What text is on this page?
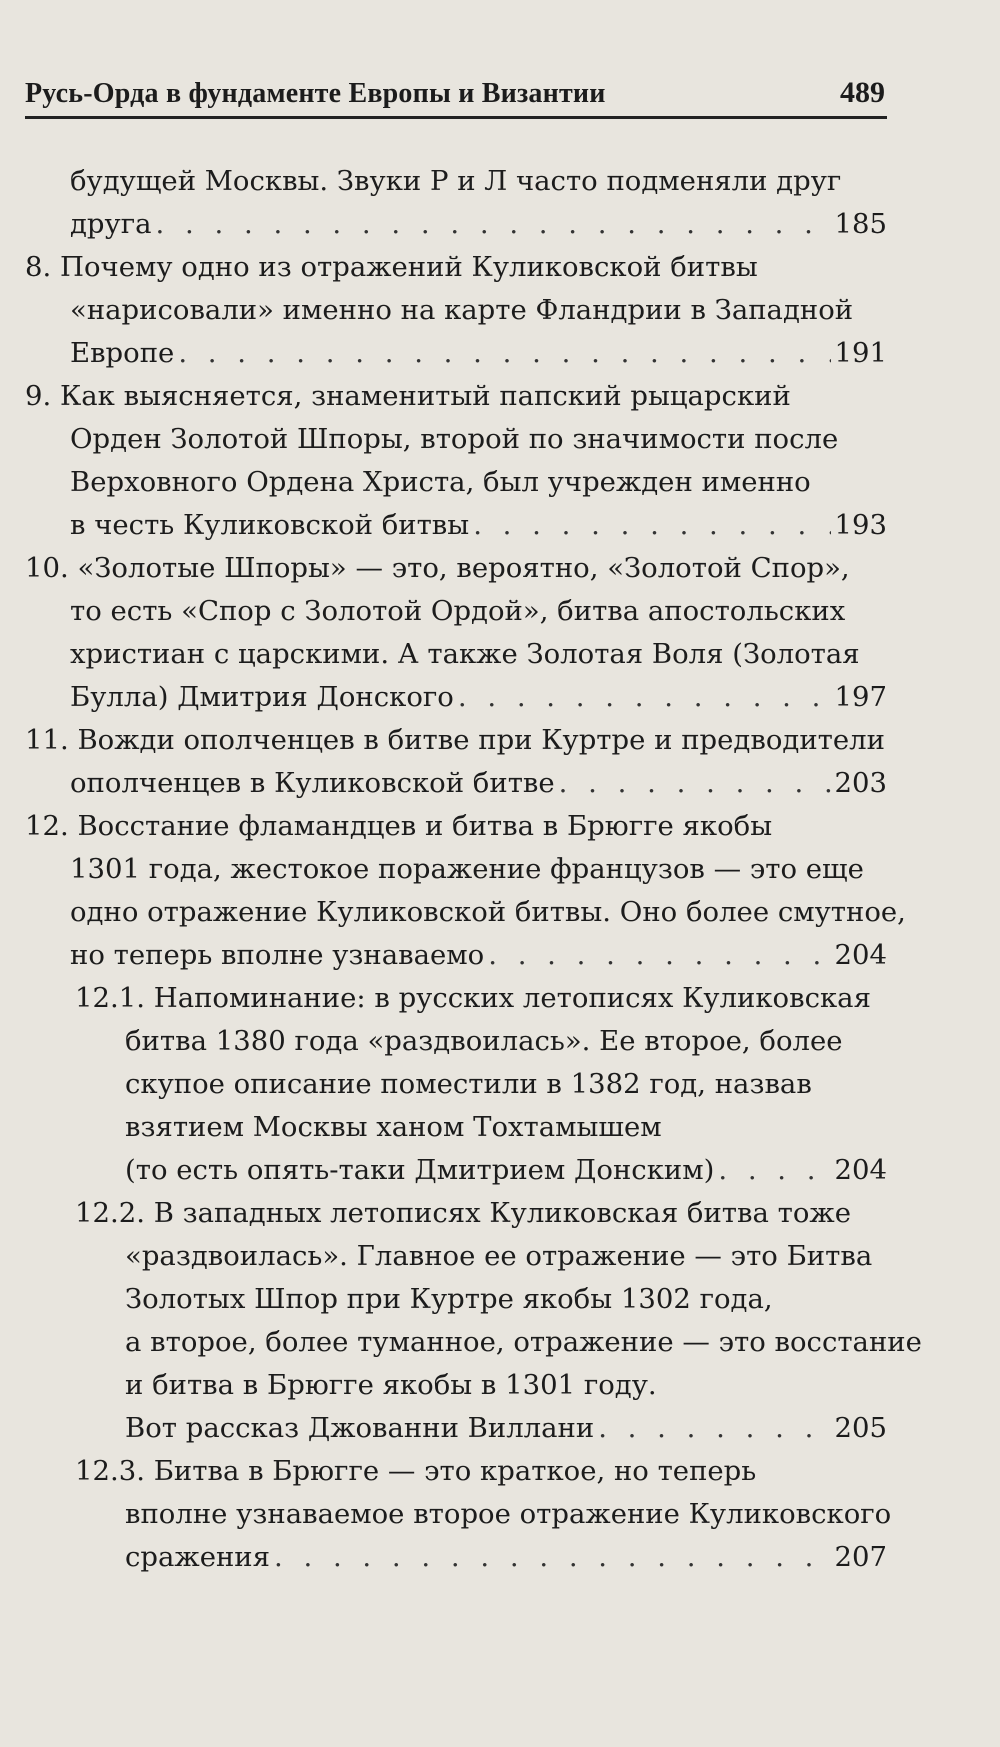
Русь-Орда в фундаменте Европы и Византии	489
будущей Москвы. Звуки Р и Л часто подменяли друг
друга . . .	185
8. Почему одно из отражений Куликовской битвы
«нарисовали» именно на карте Фландрии в Западной
Европе . . .	191
9. Как выясняется, знаменитый папский рыцарский
Орден Золотой Шпоры, второй по значимости после
Верховного Ордена Христа, был учрежден именно
в честь Куликовской битвы . . .	193
10. «Золотые Шпоры» — это, вероятно, «Золотой Спор»,
то есть «Спор с Золотой Ордой», битва апостольских
христиан с царскими. А также Золотая Воля (Золотая
Булла) Дмитрия Донского . . .	197
11. Вожди ополченцев в битве при Куртре и предводители
ополченцев в Куликовской битве . . .	203
12. Восстание фламандцев и битва в Брюгге якобы
1301 года, жестокое поражение французов — это еще
одно отражение Куликовской битвы. Оно более смутное,
но теперь вполне узнаваемо . . .	204
12.1. Напоминание: в русских летописях Куликовская
битва 1380 года «раздвоилась». Ее второе, более
скупое описание поместили в 1382 год, назвав
взятием Москвы ханом Тохтамышем
(то есть опять-таки Дмитрием Донским) . . .	204
12.2. В западных летописях Куликовская битва тоже
«раздвоилась». Главное ее отражение — это Битва
Золотых Шпор при Куртре якобы 1302 года,
а второе, более туманное, отражение — это восстание
и битва в Брюгге якобы в 1301 году.
Вот рассказ Джованни Виллани . . .	205
12.3. Битва в Брюгге — это краткое, но теперь
вполне узнаваемое второе отражение Куликовского
сражения . . .	207
